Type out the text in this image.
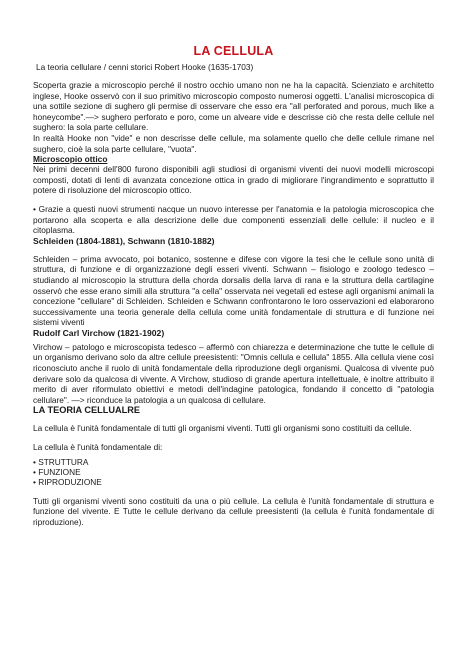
LA CELLULA
La teoria cellulare / cenni storici Robert Hooke (1635-1703)

Scoperta grazie a microscopio perché il nostro occhio umano non ne ha la capacità. Scienziato e architetto inglese, Hooke osservò con il suo primitivo microscopio composto numerosi oggetti. L'analisi microscopica di una sottile sezione di sughero gli permise di osservare che esso era "all perforated and porous, much like a honeycombe".—> sughero perforato e poro, come un alveare vide e descrisse ciò che resta delle cellule nel sughero: la sola parte cellulare.

In realtà Hooke non "vide" e non descrisse delle cellule, ma solamente quello che delle cellule rimane nel sughero, cioè la sola parte cellulare, "vuota".

Microscopio ottico

Nei primi decenni dell'800 furono disponibili agli studiosi di organismi viventi dei nuovi modelli microscopi composti, dotati di lenti di avanzata concezione ottica in grado di migliorare l'ingrandimento e soprattutto il potere di risoluzione del microscopio ottico.

• Grazie a questi nuovi strumenti nacque un nuovo interesse per l'anatomia e la patologia microscopica che portarono alla scoperta e alla descrizione delle due componenti essenziali delle cellule: il nucleo e il citoplasma.

Schleiden (1804-1881), Schwann (1810-1882)

Schleiden – prima avvocato, poi botanico, sostenne e difese con vigore la tesi che le cellule sono unità di struttura, di funzione e di organizzazione degli esseri viventi. Schwann – fisiologo e zoologo tedesco – studiando al microscopio la struttura della chorda dorsalis della larva di rana e la struttura della cartilagine osservò che esse erano simili alla struttura "a cella" osservata nei vegetali ed estese agli organismi animali la concezione "cellulare" di Schleiden. Schleiden e Schwann confrontarono le loro osservazioni ed elaborarono successivamente una teoria generale della cellula come unità fondamentale di struttura e di funzione nei sistemi viventi

Rudolf Carl Virchow (1821-1902)

Virchow – patologo e microscopista tedesco – affermò con chiarezza e determinazione che tutte le cellule di un organismo derivano solo da altre cellule preesistenti: "Omnis cellula e cellula" 1855. Alla cellula viene così riconosciuto anche il ruolo di unità fondamentale della riproduzione degli organismi. Qualcosa di vivente può derivare solo da qualcosa di vivente. A Virchow, studioso di grande apertura intellettuale, è inoltre attribuito il merito di aver riformulato obiettivi e metodi dell'indagine patologica, fondando il concetto di "patologia cellulare". —> riconduce la patologia a un qualcosa di cellulare.

LA TEORIA CELLUALRE

La cellula è l'unità fondamentale di tutti gli organismi viventi. Tutti gli organismi sono costituiti da cellule.

La cellula è l'unità fondamentale di:

• STRUTTURA
• FUNZIONE
• RIPRODUZIONE

Tutti gli organismi viventi sono costituiti da una o più cellule. La cellula è l'unità fondamentale di struttura e funzione del vivente. E Tutte le cellule derivano da cellule preesistenti (la cellula è l'unità fondamentale di riproduzione).
